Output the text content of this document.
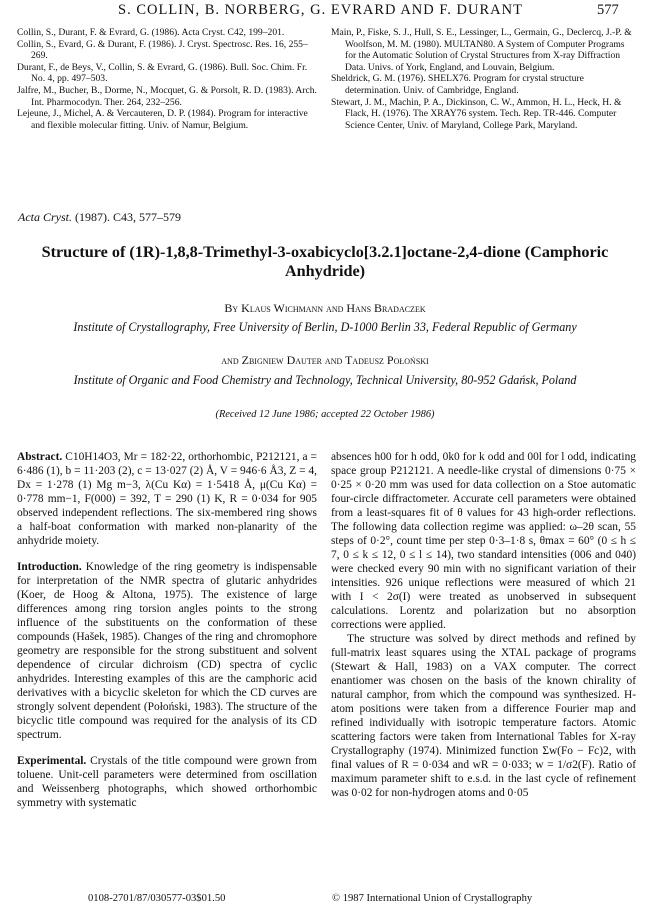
S. COLLIN, B. NORBERG, G. EVRARD AND F. DURANT	577

Collin, S., Durant, F. & Evrard, G. (1986). Acta Cryst. C42, 199–201.

Collin, S., Evard, G. & Durant, F. (1986). J. Cryst. Spectrosc. Res. 16, 255–269.

Durant, F., de Beys, V., Collin, S. & Evrard, G. (1986). Bull. Soc. Chim. Fr. No. 4, pp. 497–503.

Jalfre, M., Bucher, B., Dorme, N., Mocquet, G. & Porsolt, R. D. (1983). Arch. Int. Pharmocodyn. Ther. 264, 232–256.

Lejeune, J., Michel, A. & Vercauteren, D. P. (1984). Program for interactive and flexible molecular fitting. Univ. of Namur, Belgium.

Main, P., Fiske, S. J., Hull, S. E., Lessinger, L., Germain, G., Declercq, J.-P. & Woolfson, M. M. (1980). MULTAN80. A System of Computer Programs for the Automatic Solution of Crystal Structures from X-ray Diffraction Data. Univs. of York, England, and Louvain, Belgium.

Sheldrick, G. M. (1976). SHELX76. Program for crystal structure determination. Univ. of Cambridge, England.

Stewart, J. M., Machin, P. A., Dickinson, C. W., Ammon, H. L., Heck, H. & Flack, H. (1976). The XRAY76 system. Tech. Rep. TR-446. Computer Science Center, Univ. of Maryland, College Park, Maryland.

Acta Cryst. (1987). C43, 577–579
Structure of (1R)-1,8,8-Trimethyl-3-oxabicyclo[3.2.1]octane-2,4-dione (Camphoric Anhydride)
By Klaus Wichmann and Hans Bradaczek
Institute of Crystallography, Free University of Berlin, D-1000 Berlin 33, Federal Republic of Germany
and Zbigniew Dauter and Tadeusz Połoński
Institute of Organic and Food Chemistry and Technology, Technical University, 80-952 Gdańsk, Poland
(Received 12 June 1986; accepted 22 October 1986)

Abstract. C10H14O3, Mr = 182·22, orthorhombic, P212121, a = 6·486 (1), b = 11·203 (2), c = 13·027 (2) Å, V = 946·6 Å3, Z = 4, Dx = 1·278 (1) Mg m−3, λ(Cu Kα) = 1·5418 Å, μ(Cu Kα) = 0·778 mm−1, F(000) = 392, T = 290 (1) K, R = 0·034 for 905 observed independent reflections. The six-membered ring shows a half-boat conformation with marked non-planarity of the anhydride moiety.

Introduction. Knowledge of the ring geometry is indispensable for interpretation of the NMR spectra of glutaric anhydrides (Koer, de Hoog & Altona, 1975). The existence of large differences among ring torsion angles points to the strong influence of the substituents on the conformation of these compounds (Hašek, 1985). Changes of the ring and chromophore geometry are responsible for the strong substituent and solvent dependence of circular dichroism (CD) spectra of cyclic anhydrides. Interesting examples of this are the camphoric acid derivatives with a bicyclic skeleton for which the CD curves are strongly solvent dependent (Połoński, 1983). The structure of the bicyclic title compound was required for the analysis of its CD spectrum.

Experimental. Crystals of the title compound were grown from toluene. Unit-cell parameters were determined from oscillation and Weissenberg photographs, which showed orthorhombic symmetry with systematic

absences h00 for h odd, 0k0 for k odd and 00l for l odd, indicating space group P212121. A needle-like crystal of dimensions 0·75 × 0·25 × 0·20 mm was used for data collection on a Stoe automatic four-circle diffractometer. Accurate cell parameters were obtained from a least-squares fit of θ values for 43 high-order reflections. The following data collection regime was applied: ω–2θ scan, 55 steps of 0·2°, count time per step 0·3–1·8 s, θmax = 60° (0 ≤ h ≤ 7, 0 ≤ k ≤ 12, 0 ≤ l ≤ 14), two standard intensities (006 and 040) were checked every 90 min with no significant variation of their intensities. 926 unique reflections were measured of which 21 with I < 2σ(I) were treated as unobserved in subsequent calculations. Lorentz and polarization but no absorption corrections were applied.

The structure was solved by direct methods and refined by full-matrix least squares using the XTAL package of programs (Stewart & Hall, 1983) on a VAX computer. The correct enantiomer was chosen on the basis of the known chirality of natural camphor, from which the compound was synthesized. H-atom positions were taken from a difference Fourier map and refined individually with isotropic temperature factors. Atomic scattering factors were taken from International Tables for X-ray Crystallography (1974). Minimized function Σw(Fo − Fc)2, with final values of R = 0·034 and wR = 0·033; w = 1/σ2(F). Ratio of maximum parameter shift to e.s.d. in the last cycle of refinement was 0·02 for non-hydrogen atoms and 0·05

0108-2701/87/030577-03$01.50	© 1987 International Union of Crystallography
